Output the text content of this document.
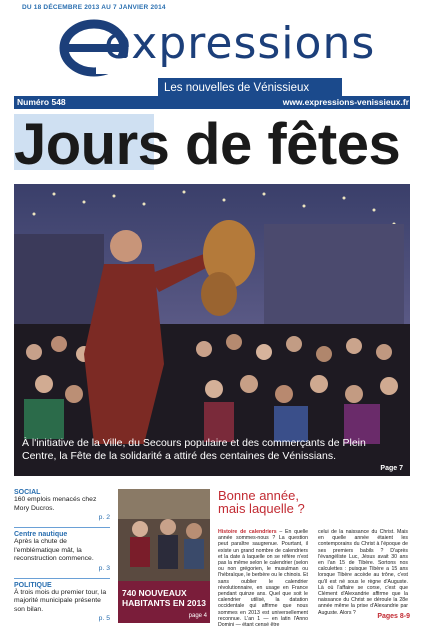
DU 18 DÉCEMBRE 2013 AU 7 JANVIER 2014
expressions
Les nouvelles de Vénissieux
Numéro 548	www.expressions-venissieux.fr
Jours de fêtes
À l'initiative de la Ville, du Secours populaire et des commerçants de Plein Centre, la Fête de la solidarité a attiré des centaines de Vénissians.
Page 7
SOCIAL
160 emplois menacés chez Mory Ducros.
p. 2
Centre nautique
Après la chute de l'emblématique mât, la reconstruction commence.
p. 3
POLITIQUE
À trois mois du premier tour, la majorité municipale présente son bilan.
p. 5
740 NOUVEAUX HABITANTS EN 2013
page 4
Bonne année,
mais laquelle ?
Histoire de calendriers – En quelle année sommes-nous ? La question peut paraître saugrenue. Pourtant, il existe un grand nombre de calendriers et la date à laquelle on se réfère n'est pas la même selon le calendrier (selon ou non grégorien, le musulman ou l'hébraïque, le berbère ou le chinois. Et sans oublier le calendrier révolutionnaire, en usage en France pendant quinze ans. Quel que soit le calendrier utilisé, la datation occidentale qui affirme que nous sommes en 2013 est universellement reconnue. L'an 1 — en latin l'Anno Domini — étant censé être
celui de la naissance du Christ. Mais en quelle année étaient les contemporains du Christ à l'époque de ses premiers babils ? D'après l'évangéliste Luc, Jésus avait 30 ans en l'an 15 de Tibère. Sortons nos calculettes : puisque Tibère a 15 ans lorsque Tibère accède au trône, c'est qu'il est né sous le règne d'Auguste. Là où l'affaire se corse, c'est que Clément d'Alexandrie affirme que la naissance du Christ se déroule la 28e année même la prise d'Alexandrie par Auguste. Alors ?
Pages 8-9
